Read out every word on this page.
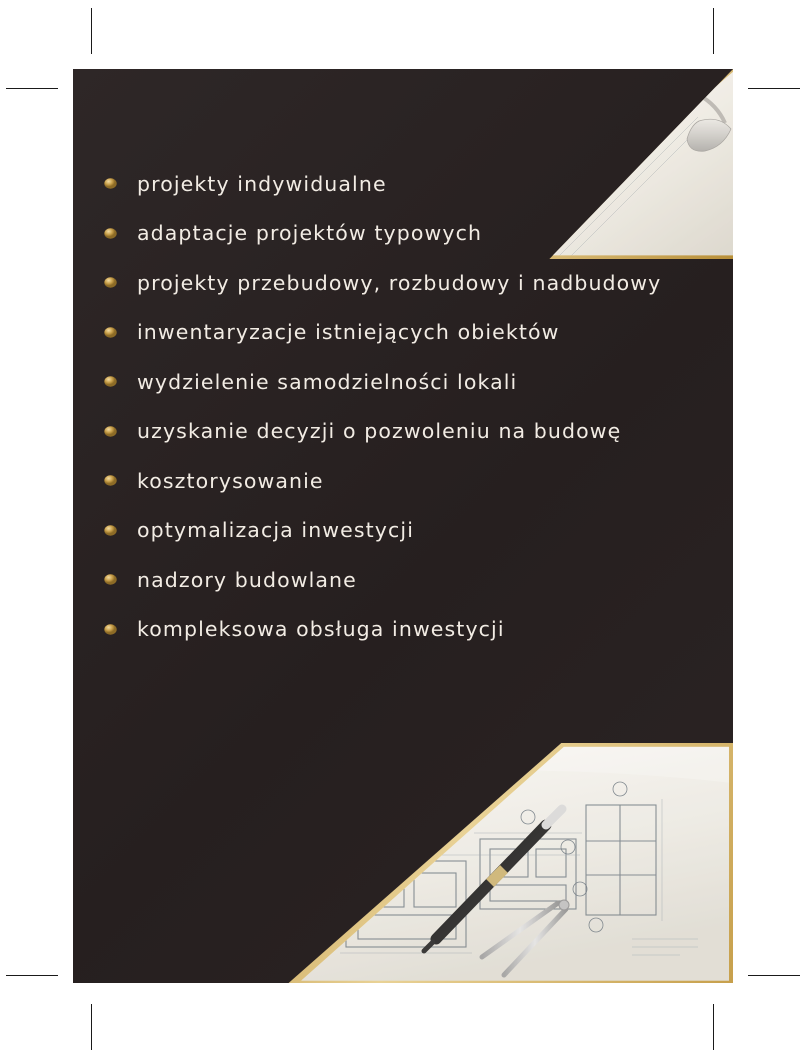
projekty indywidualne
adaptacje projektów typowych
projekty przebudowy, rozbudowy i nadbudowy
inwentaryzacje istniejących obiektów
wydzielenie samodzielności lokali
uzyskanie decyzji o pozwoleniu na budowę
kosztorysowanie
optymalizacja inwestycji
nadzory budowlane
kompleksowa obsługa inwestycji
